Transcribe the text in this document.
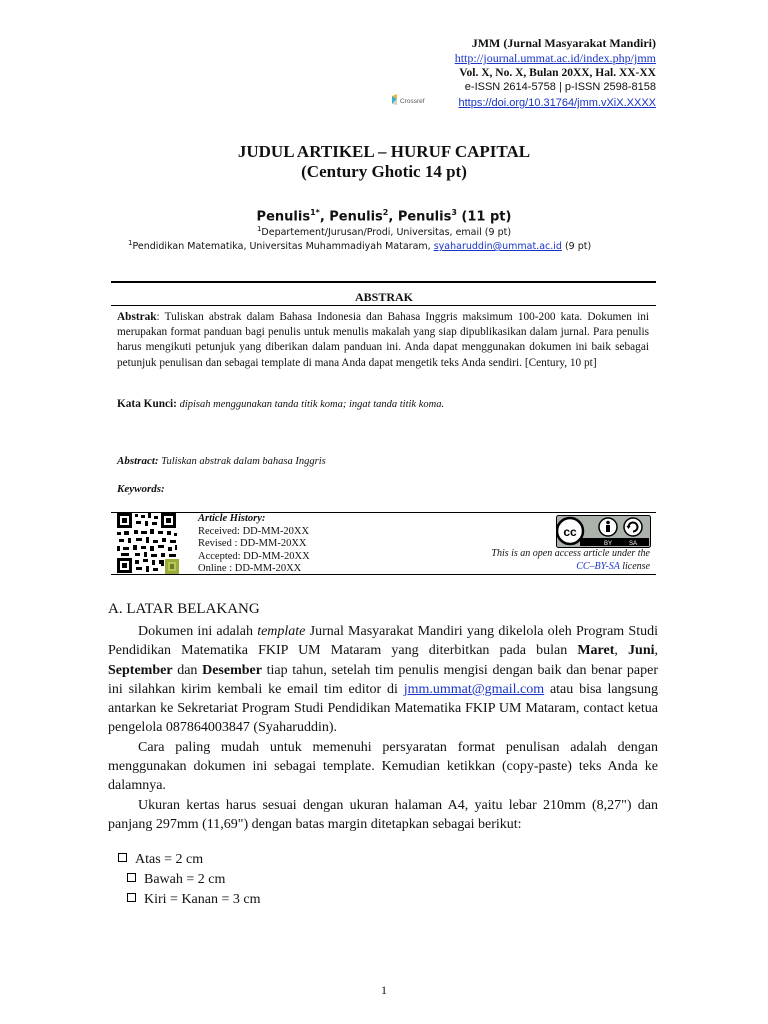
JMM (Jurnal Masyarakat Mandiri)
http://journal.ummat.ac.id/index.php/jmm
Vol. X, No. X, Bulan 20XX, Hal. XX-XX
e-ISSN 2614-5758 | p-ISSN 2598-8158
Crossref	https://doi.org/10.31764/jmm.vXiX.XXXX
JUDUL ARTIKEL – HURUF CAPITAL
(Century Ghotic 14 pt)
Penulis$^{1*}$, Penulis$^2$, Penulis$^3$ (11 pt)
$^1$Departement/Jurusan/Prodi, Universitas, email (9 pt)
$^1$Pendidikan Matematika, Universitas Muhammadiyah Mataram, syaharuddin@ummat.ac.id (9 pt)
ABSTRAK

Abstrak: Tuliskan abstrak dalam Bahasa Indonesia dan Bahasa Inggris maksimum 100-200 kata. Dokumen ini merupakan format panduan bagi penulis untuk menulis makalah yang siap dipublikasikan dalam jurnal. Para penulis harus mengikuti petunjuk yang diberikan dalam panduan ini. Anda dapat menggunakan dokumen ini baik sebagai petunjuk penulisan dan sebagai template di mana Anda dapat mengetik teks Anda sendiri. [Century, 10 pt]

Kata Kunci: dipisah menggunakan tanda titik koma; ingat tanda titik koma.
Abstract: Tuliskan abstrak dalam bahasa Inggris
Keywords:
Article History:
Received: DD-MM-20XX
Revised : DD-MM-20XX
Accepted: DD-MM-20XX
Online : DD-MM-20XX
cc
BY	SA
This is an open access article under the
CC–BY-SA license
A. LATAR BELAKANG

Dokumen ini adalah template Jurnal Masyarakat Mandiri yang dikelola oleh Program Studi Pendidikan Matematika FKIP UM Mataram yang diterbitkan pada bulan Maret, Juni, September dan Desember tiap tahun, setelah tim penulis mengisi dengan baik dan benar paper ini silahkan kirim kembali ke email tim editor di jmm.ummat@gmail.com atau bisa langsung antarkan ke Sekretariat Program Studi Pendidikan Matematika FKIP UM Mataram, contact ketua pengelola 087864003847 (Syaharuddin).

Cara paling mudah untuk memenuhi persyaratan format penulisan adalah dengan menggunakan dokumen ini sebagai template. Kemudian ketikkan (copy-paste) teks Anda ke dalamnya.

Ukuran kertas harus sesuai dengan ukuran halaman A4, yaitu lebar 210mm (8,27") dan panjang 297mm (11,69") dengan batas margin ditetapkan sebagai berikut:

Atas = 2 cm
Bawah = 2 cm
Kiri = Kanan = 3 cm
1
